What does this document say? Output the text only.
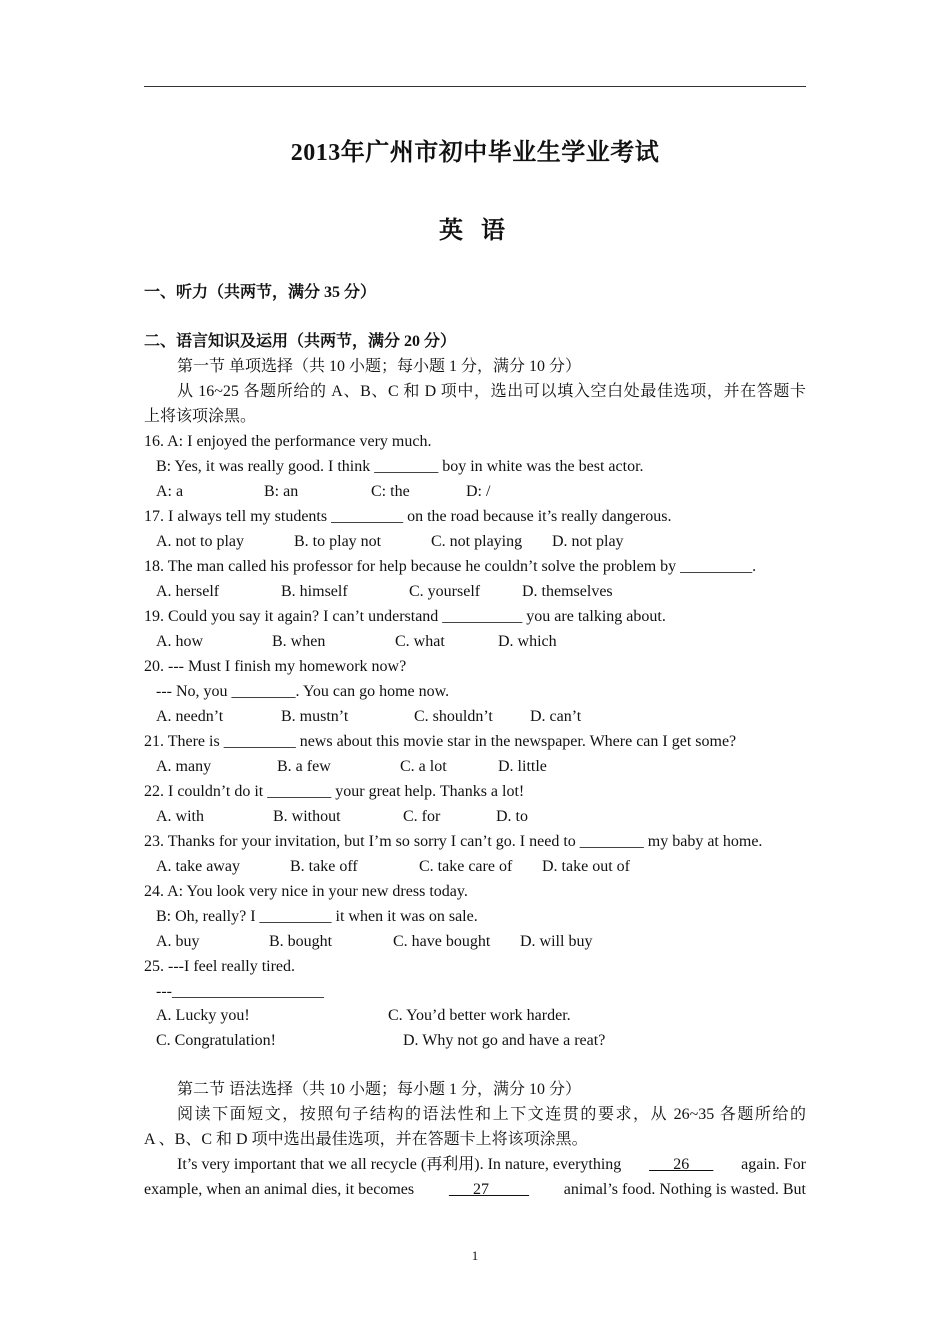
2013年广州市初中毕业生学业考试
英 语
一、听力（共两节，满分 35 分）
二、语言知识及运用（共两节，满分 20 分）
第一节 单项选择（共 10 小题；每小题 1 分，满分 10 分）
从 16~25 各题所给的 A、B、C 和 D 项中，选出可以填入空白处最佳选项，并在答题卡
上将该项涂黑。
16. A: I enjoyed the performance very much.
B: Yes, it was really good. I think ________ boy in white was the best actor.
A: a	B: an	C: the	D: /
17. I always tell my students _________ on the road because it’s really dangerous.
A. not to play	B. to play not	C. not playing D. not play
18. The man called his professor for help because he couldn’t solve the problem by _________.
A. herself	B. himself	C. yourself	D. themselves
19. Could you say it again? I can’t understand __________ you are talking about.
A. how	B. when	C. what	D. which
20. --- Must I finish my homework now?
--- No, you ________. You can go home now.
A. needn’t	B. mustn’t	C. shouldn’t D. can’t
21. There is _________ news about this movie star in the newspaper. Where can I get some?
A. many	B. a few	C. a lot	D. little
22. I couldn’t do it ________ your great help. Thanks a lot!
A. with	B. without	C. for	D. to
23. Thanks for your invitation, but I’m so sorry I can’t go. I need to ________ my baby at home.
A. take away	B. take off	C. take care of D. take out of
24. A: You look very nice in your new dress today.
B: Oh, really? I _________ it when it was on sale.
A. buy	B. bought	C. have bought D. will buy
25. ---I feel really tired.
---___________________
A. Lucky you!	C. You’d better work harder.
C. Congratulation!	D. Why not go and have a reat?
第二节 语法选择（共 10 小题；每小题 1 分，满分 10 分）
阅读下面短文，按照句子结构的语法性和上下文连贯的要求，从 26~35 各题所给的
A 、B、C 和 D 项中选出最佳选项，并在答题卡上将该项涂黑。
It’s very important that we all recycle (再利用). In nature, everything ___26___ again. For
example, when an animal dies, it becomes ___27_____ animal’s food. Nothing is wasted. But
1
